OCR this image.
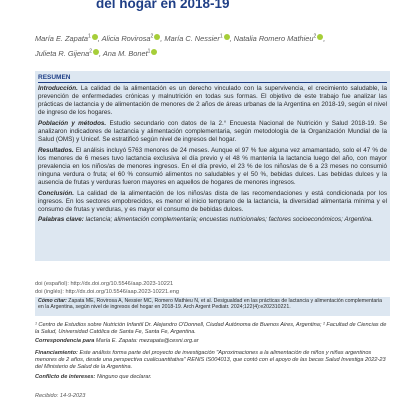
del hogar en 2018-19
María E. Zapata$^1$ , Alicia Rovirosa$^2$ , María C. Nessier$^1$ , Natalia Romero Mathieu$^2$ ,
Julieta R. Gijena$^2$ , Ana M. Bonet$^1$
RESUMEN

Introducción. La calidad de la alimentación es un derecho vinculado con la supervivencia, el crecimiento saludable, la prevención de enfermedades crónicas y malnutrición en todas sus formas. El objetivo de este trabajo fue analizar las prácticas de lactancia y de alimentación de menores de 2 años de áreas urbanas de la Argentina en 2018-19, según el nivel de ingreso de los hogares.

Población y métodos. Estudio secundario con datos de la 2.° Encuesta Nacional de Nutrición y Salud 2018-19. Se analizaron indicadores de lactancia y alimentación complementaria, según metodología de la Organización Mundial de la Salud (OMS) y Unicef. Se estratificó según nivel de ingresos del hogar.

Resultados. El análisis incluyó 5763 menores de 24 meses. Aunque el 97 % fue alguna vez amamantado, solo el 47 % de los menores de 6 meses tuvo lactancia exclusiva el día previo y el 48 % mantenía la lactancia luego del año, con mayor prevalencia en los niños/as de menores ingresos. En el día previo, el 23 % de los niños/as de 6 a 23 meses no consumió ninguna verdura o fruta; el 60 % consumió alimentos no saludables y el 50 %, bebidas dulces. Las bebidas dulces y la ausencia de frutas y verduras fueron mayores en aquellos de hogares de menores ingresos.

Conclusión. La calidad de la alimentación de los niños/as dista de las recomendaciones y está condicionada por los ingresos. En los sectores empobrecidos, es menor el inicio temprano de la lactancia, la diversidad alimentaria mínima y el consumo de frutas y verduras, y es mayor el consumo de bebidas dulces.

Palabras clave: lactancia; alimentación complementaria; encuestas nutricionales; factores socioeconómicos; Argentina.

doi (español): http://dx.doi.org/10.5546/aap.2023-10221
doi (inglés): http://dx.doi.org/10.5546/aap.2023-10221.eng
Cómo citar: Zapata ME, Rovirosa A, Nessier MC, Romero Mathieu N, et al. Desigualdad en las prácticas de lactancia y alimentación complementaria en la Argentina, según nivel de ingresos del hogar en 2018-19. Arch Argent Pediatr. 2024;122(4):e202310221.
¹ Centro de Estudios sobre Nutrición Infantil Dr. Alejandro O'Donnell, Ciudad Autónoma de Buenos Aires, Argentina; ² Facultad de Ciencias de la Salud, Universidad Católica de Santa Fe, Santa Fe, Argentina.
Correspondencia para María E. Zapata: mezapata@cesni.org.ar
Financiamiento: Este análisis forma parte del proyecto de investigación "Aproximaciones a la alimentación de niños y niñas argentinos menores de 2 años, desde una perspectiva cualicuantitativa" RENIS IS004013, que contó con el apoyo de las becas Salud Investiga 2022-23 del Ministerio de Salud de la Argentina.
Conflicto de intereses: Ninguno que declarar.
Recibido: 14-9-2023
